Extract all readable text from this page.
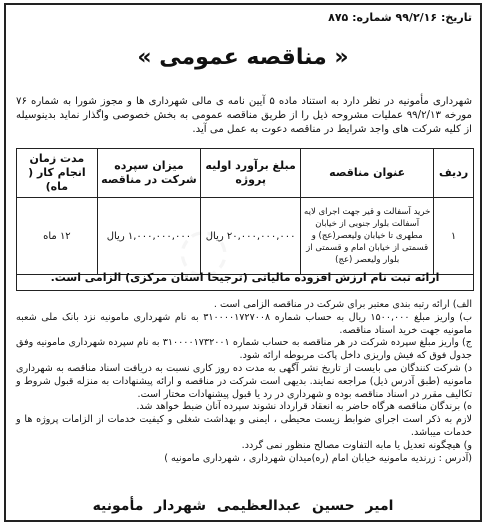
تاریخ: ۹۹/۲/۱۶ شماره: ۸۷۵
« مناقصه عمومی »
شهرداری مأمونیه در نظر دارد به استناد ماده ۵ آیین نامه ی مالی شهرداری ها و مجوز شورا به شماره ۷۶ مورخه ۹۹/۲/۱۳ عملیات مشروحه ذیل را از طریق مناقصه عمومی به بخش خصوصی واگذار نماید بدینوسیله از کلیه شرکت های واجد شرایط در مناقصه دعوت به عمل می آید.
ردیف	عنوان مناقصه	مبلغ برآورد اولیه پروژه	میزان سپرده شرکت در مناقصه	مدت زمان انجام کار ( ماه)
۱	خرید آسفالت و قیر جهت اجرای لایه آسفالت بلوار جنوبی از خیابان مطهری تا خیابان ولیعصر(عج) و قسمتی از خیابان امام و قسمتی از بلوار ولیعصر (عج)	۲۰,۰۰۰,۰۰۰,۰۰۰ ریال	۱,۰۰۰,۰۰۰,۰۰۰ ریال	۱۲ ماه
ارائه ثبت نام ارزش افزوده مالیاتی (ترجیحا استان مرکزی) الزامی است.

الف) ارائه رتبه بندی معتبر برای شرکت در مناقصه الزامی است .

ب) واریز مبلغ ۱۵۰۰,۰۰۰ ریال به حساب شماره ۳۱۰۰۰۰۱۷۲۷۰۰۸ به نام شهرداری مامونیه نزد بانک ملی شعبه مامونیه جهت خرید اسناد مناقصه.

ج) واریز مبلغ سپرده شرکت در هر مناقصه به حساب شماره ۳۱۰۰۰۰۱۷۳۲۰۰۱ به نام سپرده شهرداری مامونیه وفق جدول فوق که فیش واریزی داخل پاکت مربوطه ارائه شود.

د) شرکت کنندگان می بایست از تاریخ نشر آگهی به مدت ده روز کاری نسبت به دریافت اسناد مناقصه به شهرداری مامونیه (طبق آدرس ذیل) مراجعه نمایند. بدیهی است شرکت در مناقصه و ارائه پیشنهادات به منزله قبول شروط و تکالیف مقرر در اسناد مناقصه بوده و شهرداری در رد یا قبول پیشنهادات مختار است.

ه) برندگان مناقصه هرگاه حاضر به انعقاد قرارداد نشوند سپرده آنان ضبط خواهد شد.

لازم به ذکر است اجرای ضوابط زیست محیطی ، ایمنی و بهداشت شغلی و کیفیت خدمات از الزامات پروژه ها و خدمات میباشد.

و) هیچگونه تعدیل یا مابه التفاوت مصالح منظور نمی گردد.

(آدرس : زرندیه مامونیه خیابان امام (ره)میدان شهرداری ، شهرداری مامونیه )

امیر حسین عبدالعظیمی شهردار مأمونیه
